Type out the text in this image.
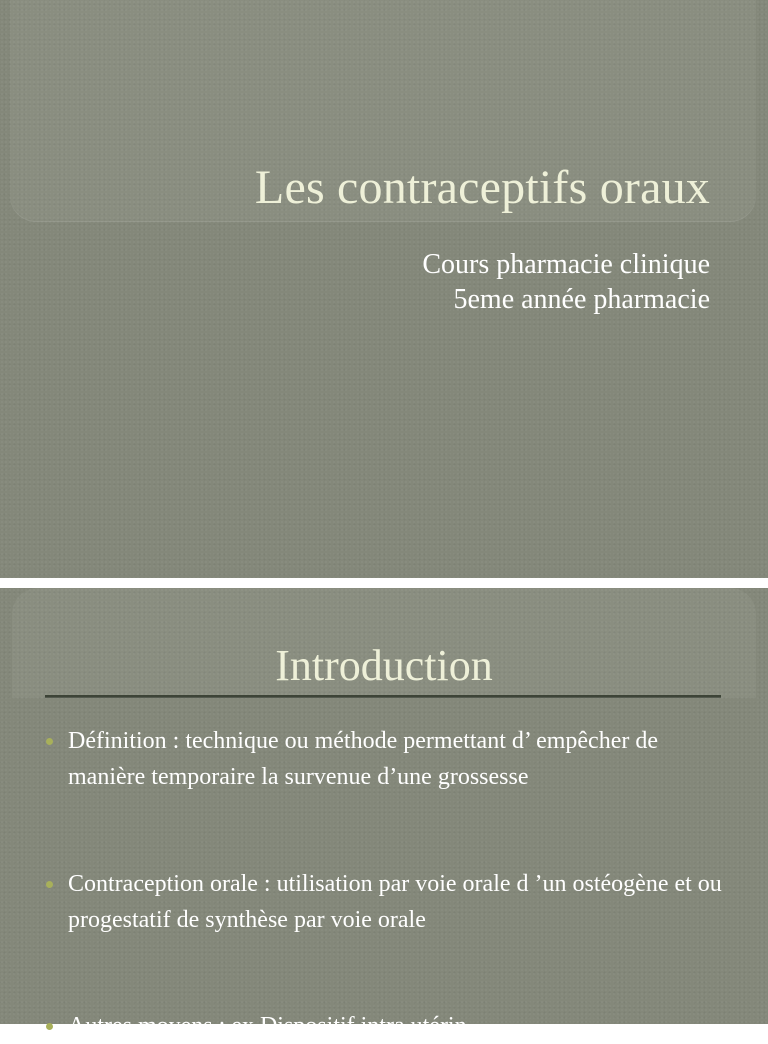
Les contraceptifs oraux
Cours pharmacie clinique
5eme année pharmacie
Introduction
Définition : technique ou méthode permettant d’ empêcher de manière temporaire la survenue d’une grossesse
Contraception orale : utilisation par voie orale d ’un ostéogène et ou progestatif de synthèse par voie orale
Autres moyens : ex Dispositif intra utérin
